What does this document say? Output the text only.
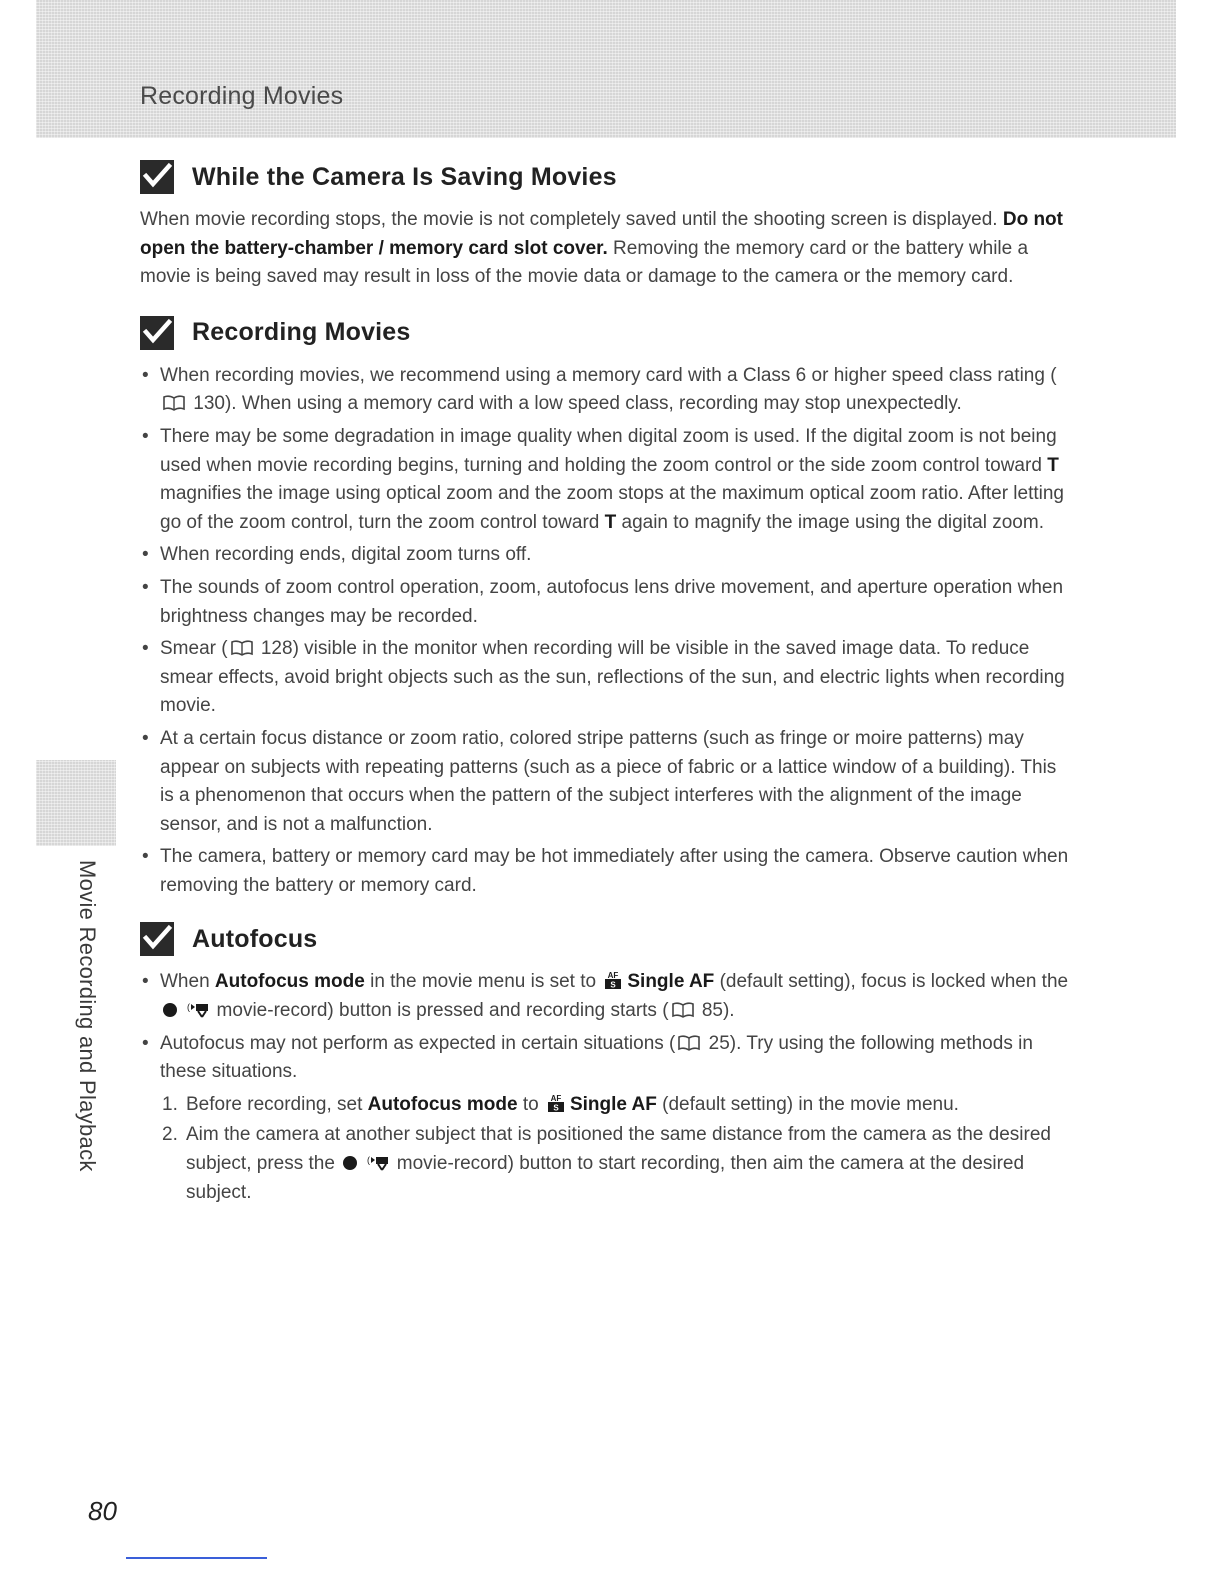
Recording Movies
Movie Recording and Playback
While the Camera Is Saving Movies

When movie recording stops, the movie is not completely saved until the shooting screen is displayed. Do not open the battery-chamber / memory card slot cover. Removing the memory card or the battery while a movie is being saved may result in loss of the movie data or damage to the camera or the memory card.

Recording Movies
• When recording movies, we recommend using a memory card with a Class 6 or higher speed class rating ( 130). When using a memory card with a low speed class, recording may stop unexpectedly.
• There may be some degradation in image quality when digital zoom is used. If the digital zoom is not being used when movie recording begins, turning and holding the zoom control or the side zoom control toward T magnifies the image using optical zoom and the zoom stops at the maximum optical zoom ratio. After letting go of the zoom control, turn the zoom control toward T again to magnify the image using the digital zoom.
• When recording ends, digital zoom turns off.
• The sounds of zoom control operation, zoom, autofocus lens drive movement, and aperture operation when brightness changes may be recorded.
• Smear ( 128) visible in the monitor when recording will be visible in the saved image data. To reduce smear effects, avoid bright objects such as the sun, reflections of the sun, and electric lights when recording movie.
• At a certain focus distance or zoom ratio, colored stripe patterns (such as fringe or moire patterns) may appear on subjects with repeating patterns (such as a piece of fabric or a lattice window of a building). This is a phenomenon that occurs when the pattern of the subject interferes with the alignment of the image sensor, and is not a malfunction.
• The camera, battery or memory card may be hot immediately after using the camera. Observe caution when removing the battery or memory card.
Autofocus
• When Autofocus mode in the movie menu is set to Single AF (default setting), focus is locked when the   movie-record) button is pressed and recording starts ( 85).
• Autofocus may not perform as expected in certain situations ( 25). Try using the following methods in these situations.
1. Before recording, set Autofocus mode to Single AF (default setting) in the movie menu.
2. Aim the camera at another subject that is positioned the same distance from the camera as the desired subject, press the	movie-record) button to start recording, then aim the camera at the desired subject.
80
